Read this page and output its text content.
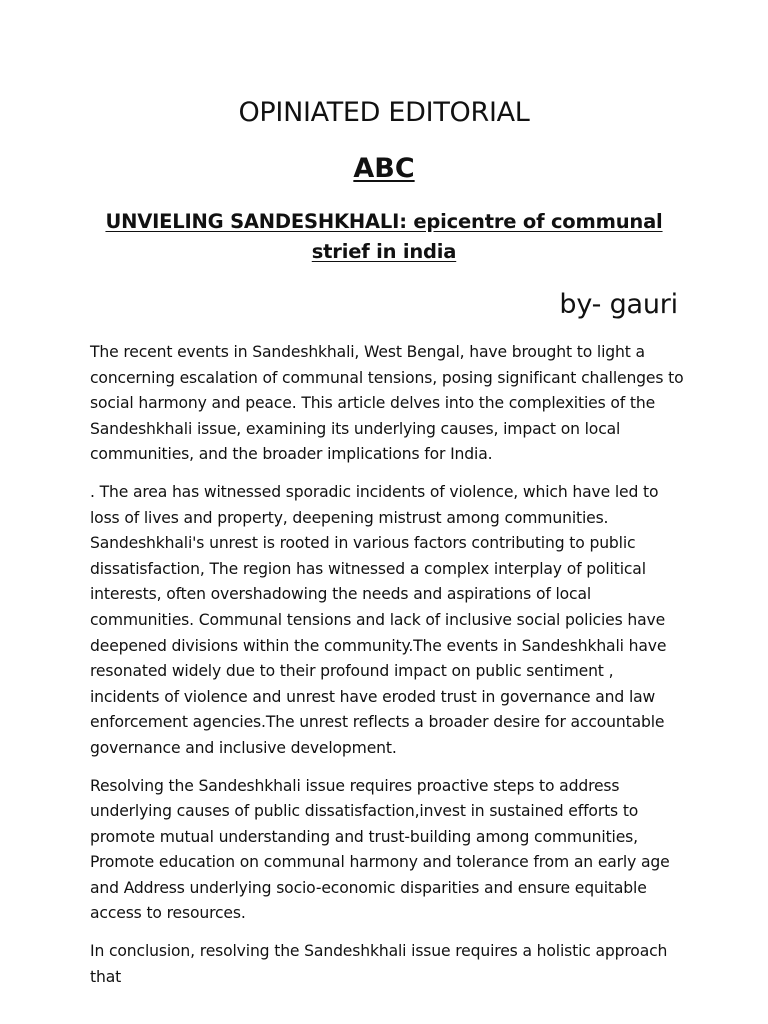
OPINIATED EDITORIAL
ABC
UNVIELING SANDESHKHALI: epicentre of communal strief in india
by- gauri

The recent events in Sandeshkhali, West Bengal, have brought to light a concerning escalation of communal tensions, posing significant challenges to social harmony and peace. This article delves into the complexities of the Sandeshkhali issue, examining its underlying causes, impact on local communities, and the broader implications for India.

. The area has witnessed sporadic incidents of violence, which have led to loss of lives and property, deepening mistrust among communities. Sandeshkhali's unrest is rooted in various factors contributing to public dissatisfaction, The region has witnessed a complex interplay of political interests, often overshadowing the needs and aspirations of local communities. Communal tensions and lack of inclusive social policies have deepened divisions within the community.The events in Sandeshkhali have resonated widely due to their profound impact on public sentiment , incidents of violence and unrest have eroded trust in governance and law enforcement agencies.The unrest reflects a broader desire for accountable governance and inclusive development.

Resolving the Sandeshkhali issue requires proactive steps to address underlying causes of public dissatisfaction,invest in sustained efforts to promote mutual understanding and trust-building among communities, Promote education on communal harmony and tolerance from an early age and Address underlying socio-economic disparities and ensure equitable access to resources.

In conclusion, resolving the Sandeshkhali issue requires a holistic approach that
